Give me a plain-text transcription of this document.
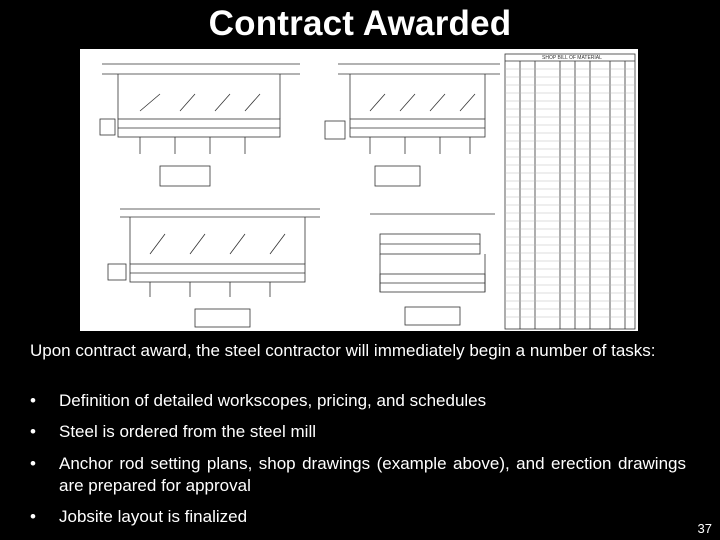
Contract Awarded
SHOP BILL OF MATERIAL
Upon contract award, the steel contractor will immediately begin a number of tasks:
• Definition of detailed workscopes, pricing, and schedules
• Steel is ordered from the steel mill
• Anchor rod setting plans, shop drawings (example above), and erection drawings are prepared for approval
• Jobsite layout is finalized
37
